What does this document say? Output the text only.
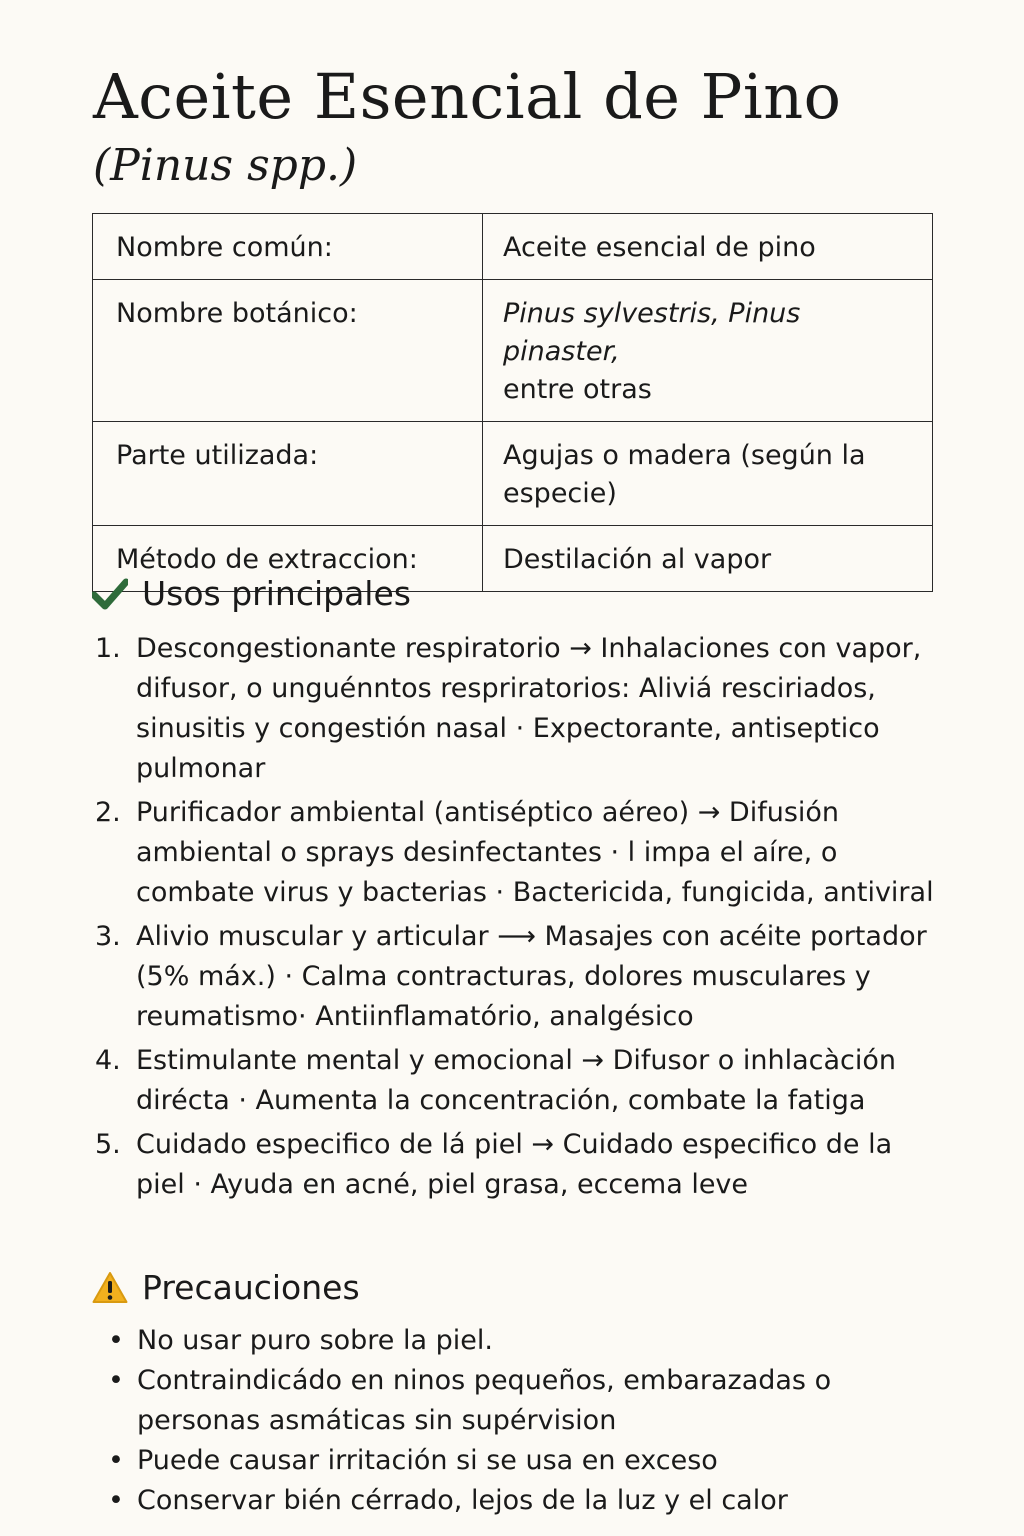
Aceite Esencial de Pino
(Pinus spp.)
Nombre común:	Aceite esencial de pino
Nombre botánico:	Pinus sylvestris, Pinus pinaster,
entre otras
Parte utilizada:	Agujas o madera (según la especie)
Método de extraccion:	Destilación al vapor
Usos principales
1. Descongestionante respiratorio → Inhalaciones con vapor, difusor, o unguénntos respriratorios: Aliviá resciriados, sinusitis y congestión nasal · Expectorante, antiseptico pulmonar
2. Purificador ambiental (antiséptico aéreo) → Difusión ambiental o sprays desinfectantes · l impa el aíre, o combate virus y bacterias · Bactericida, fungicida, antiviral
3. Alivio muscular y articular ⟶ Masajes con acéite portador (5% máx.) · Calma contracturas, dolores musculares y reumatismo· Antiinflamatório, analgésico
4. Estimulante mental y emocional → Difusor o inhlacàción dirécta · Aumenta la concentración, combate la fatiga
5. Cuidado especifico de lá piel → Cuidado especifico de la piel · Ayuda en acné, piel grasa, eccema leve
Precauciones
• No usar puro sobre la piel.
• Contraindicádo en ninos pequeños, embarazadas o personas asmáticas sin supérvision
• Puede causar irritación si se usa en exceso
• Conservar bién cérrado, lejos de la luz y el calor
